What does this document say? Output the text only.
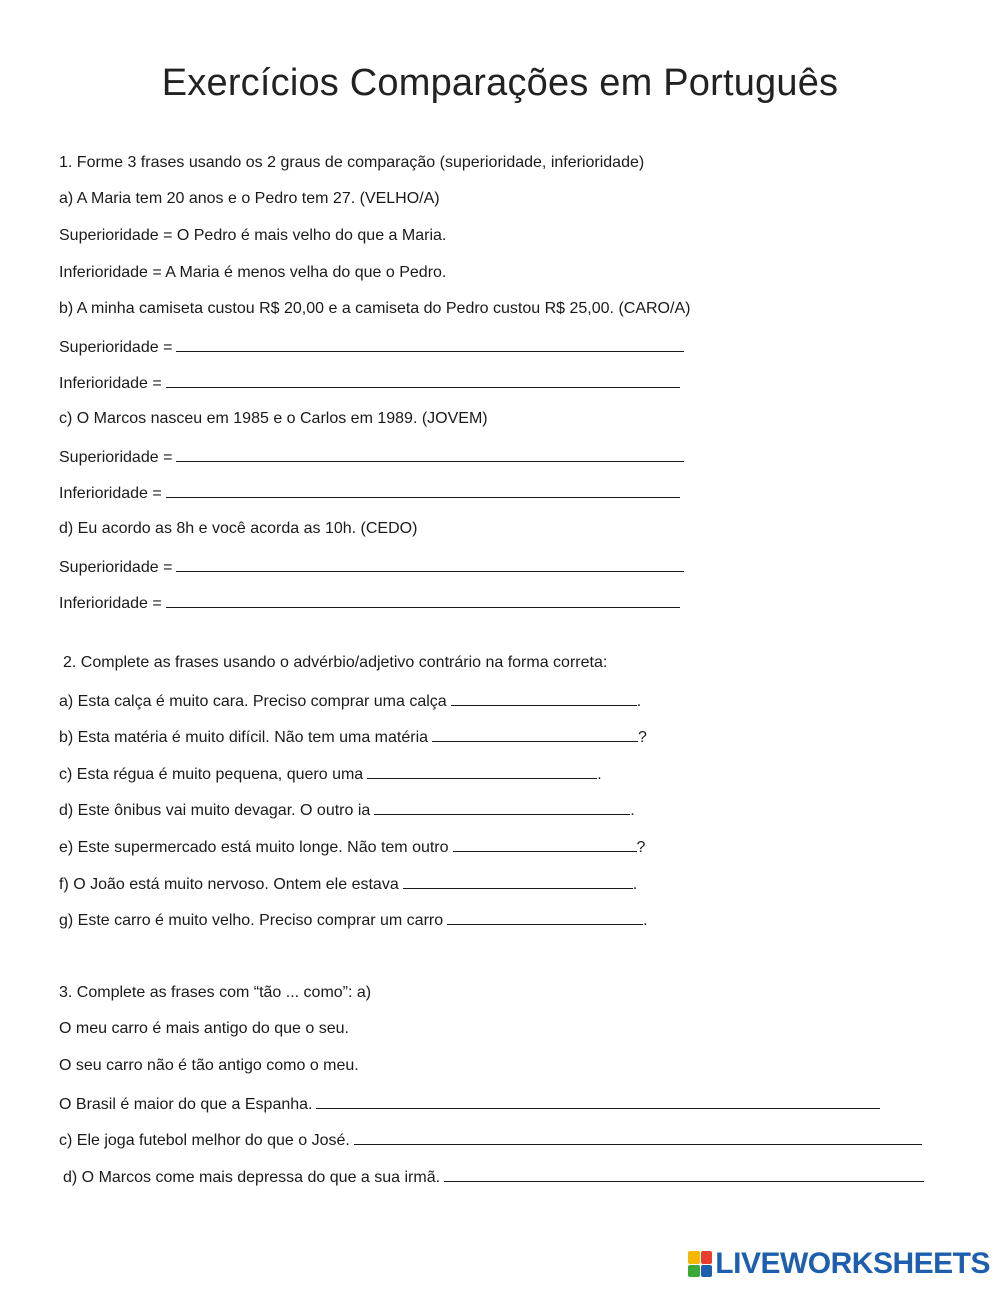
Exercícios Comparações em Português
1. Forme 3 frases usando os 2 graus de comparação (superioridade, inferioridade)
a) A Maria tem 20 anos e o Pedro tem 27. (VELHO/A)
Superioridade = O Pedro é mais velho do que a Maria.
Inferioridade = A Maria é menos velha do que o Pedro.
b) A minha camiseta custou R$ 20,00 e a camiseta do Pedro custou R$ 25,00. (CARO/A)
Superioridade =
Inferioridade =
c) O Marcos nasceu em 1985 e o Carlos em 1989. (JOVEM)
Superioridade =
Inferioridade =
d) Eu acordo as 8h e você acorda as 10h. (CEDO)
Superioridade =
Inferioridade =
2. Complete as frases usando o advérbio/adjetivo contrário na forma correta:
a) Esta calça é muito cara. Preciso comprar uma calça	.
b) Esta matéria é muito difícil. Não tem uma matéria	?
c) Esta régua é muito pequena, quero uma	.
d) Este ônibus vai muito devagar. O outro ia	.
e) Este supermercado está muito longe. Não tem outro	?
f) O João está muito nervoso. Ontem ele estava	.
g) Este carro é muito velho. Preciso comprar um carro	.
3. Complete as frases com “tão ... como”: a)
O meu carro é mais antigo do que o seu.
O seu carro não é tão antigo como o meu.
O Brasil é maior do que a Espanha.
c) Ele joga futebol melhor do que o José.
d) O Marcos come mais depressa do que a sua irmã.
LIVEWORKSHEETS
